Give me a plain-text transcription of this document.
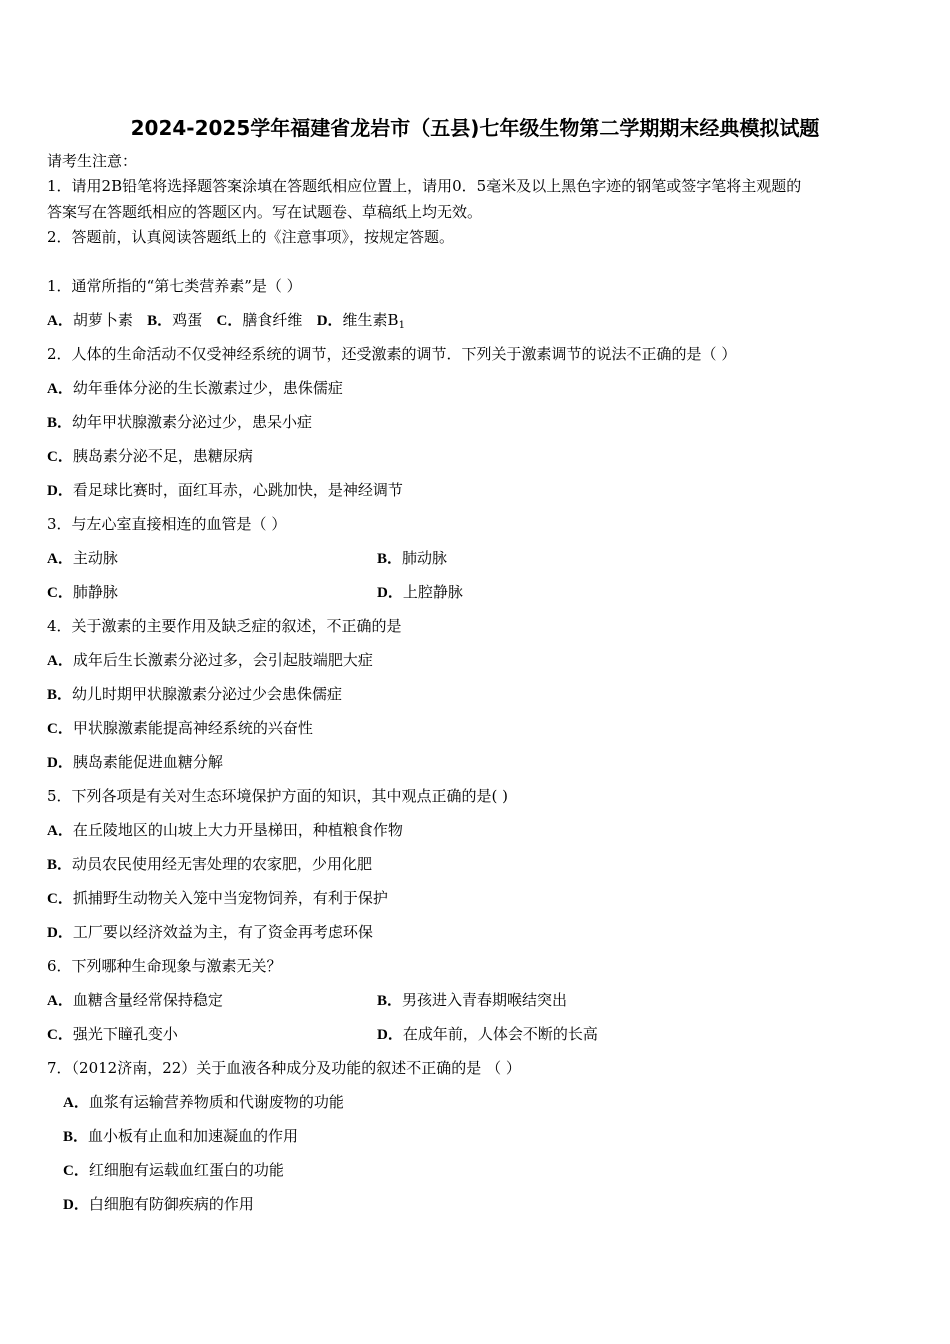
2024-2025学年福建省龙岩市（五县)七年级生物第二学期期末经典模拟试题
请考生注意：
1．请用2B铅笔将选择题答案涂填在答题纸相应位置上，请用0．5毫米及以上黑色字迹的钢笔或签字笔将主观题的
答案写在答题纸相应的答题区内。写在试题卷、草稿纸上均无效。
2．答题前，认真阅读答题纸上的《注意事项》，按规定答题。
1．通常所指的“第七类营养素”是（ ）
A．胡萝卜素 B．鸡蛋 C．膳食纤维 D．维生素$B_1$
2．人体的生命活动不仅受神经系统的调节，还受激素的调节．下列关于激素调节的说法不正确的是（ ）
A．幼年垂体分泌的生长激素过少，患侏儒症
B．幼年甲状腺激素分泌过少，患呆小症
C．胰岛素分泌不足，患糖尿病
D．看足球比赛时，面红耳赤，心跳加快，是神经调节
3．与左心室直接相连的血管是（ ）
A．主动脉	B．肺动脉
C．肺静脉	D．上腔静脉
4．关于激素的主要作用及缺乏症的叙述，不正确的是
A．成年后生长激素分泌过多，会引起肢端肥大症
B．幼儿时期甲状腺激素分泌过少会患侏儒症
C．甲状腺激素能提高神经系统的兴奋性
D．胰岛素能促进血糖分解
5．下列各项是有关对生态环境保护方面的知识，其中观点正确的是( )
A．在丘陵地区的山坡上大力开垦梯田，种植粮食作物
B．动员农民使用经无害处理的农家肥，少用化肥
C．抓捕野生动物关入笼中当宠物饲养，有利于保护
D．工厂要以经济效益为主，有了资金再考虑环保
6．下列哪种生命现象与激素无关？
A．血糖含量经常保持稳定	B．男孩进入青春期喉结突出
C．强光下瞳孔变小	D．在成年前，人体会不断的长高
7．（2012济南，22）关于血液各种成分及功能的叙述不正确的是 （ ）
A．血浆有运输营养物质和代谢废物的功能
B．血小板有止血和加速凝血的作用
C．红细胞有运载血红蛋白的功能
D．白细胞有防御疾病的作用
